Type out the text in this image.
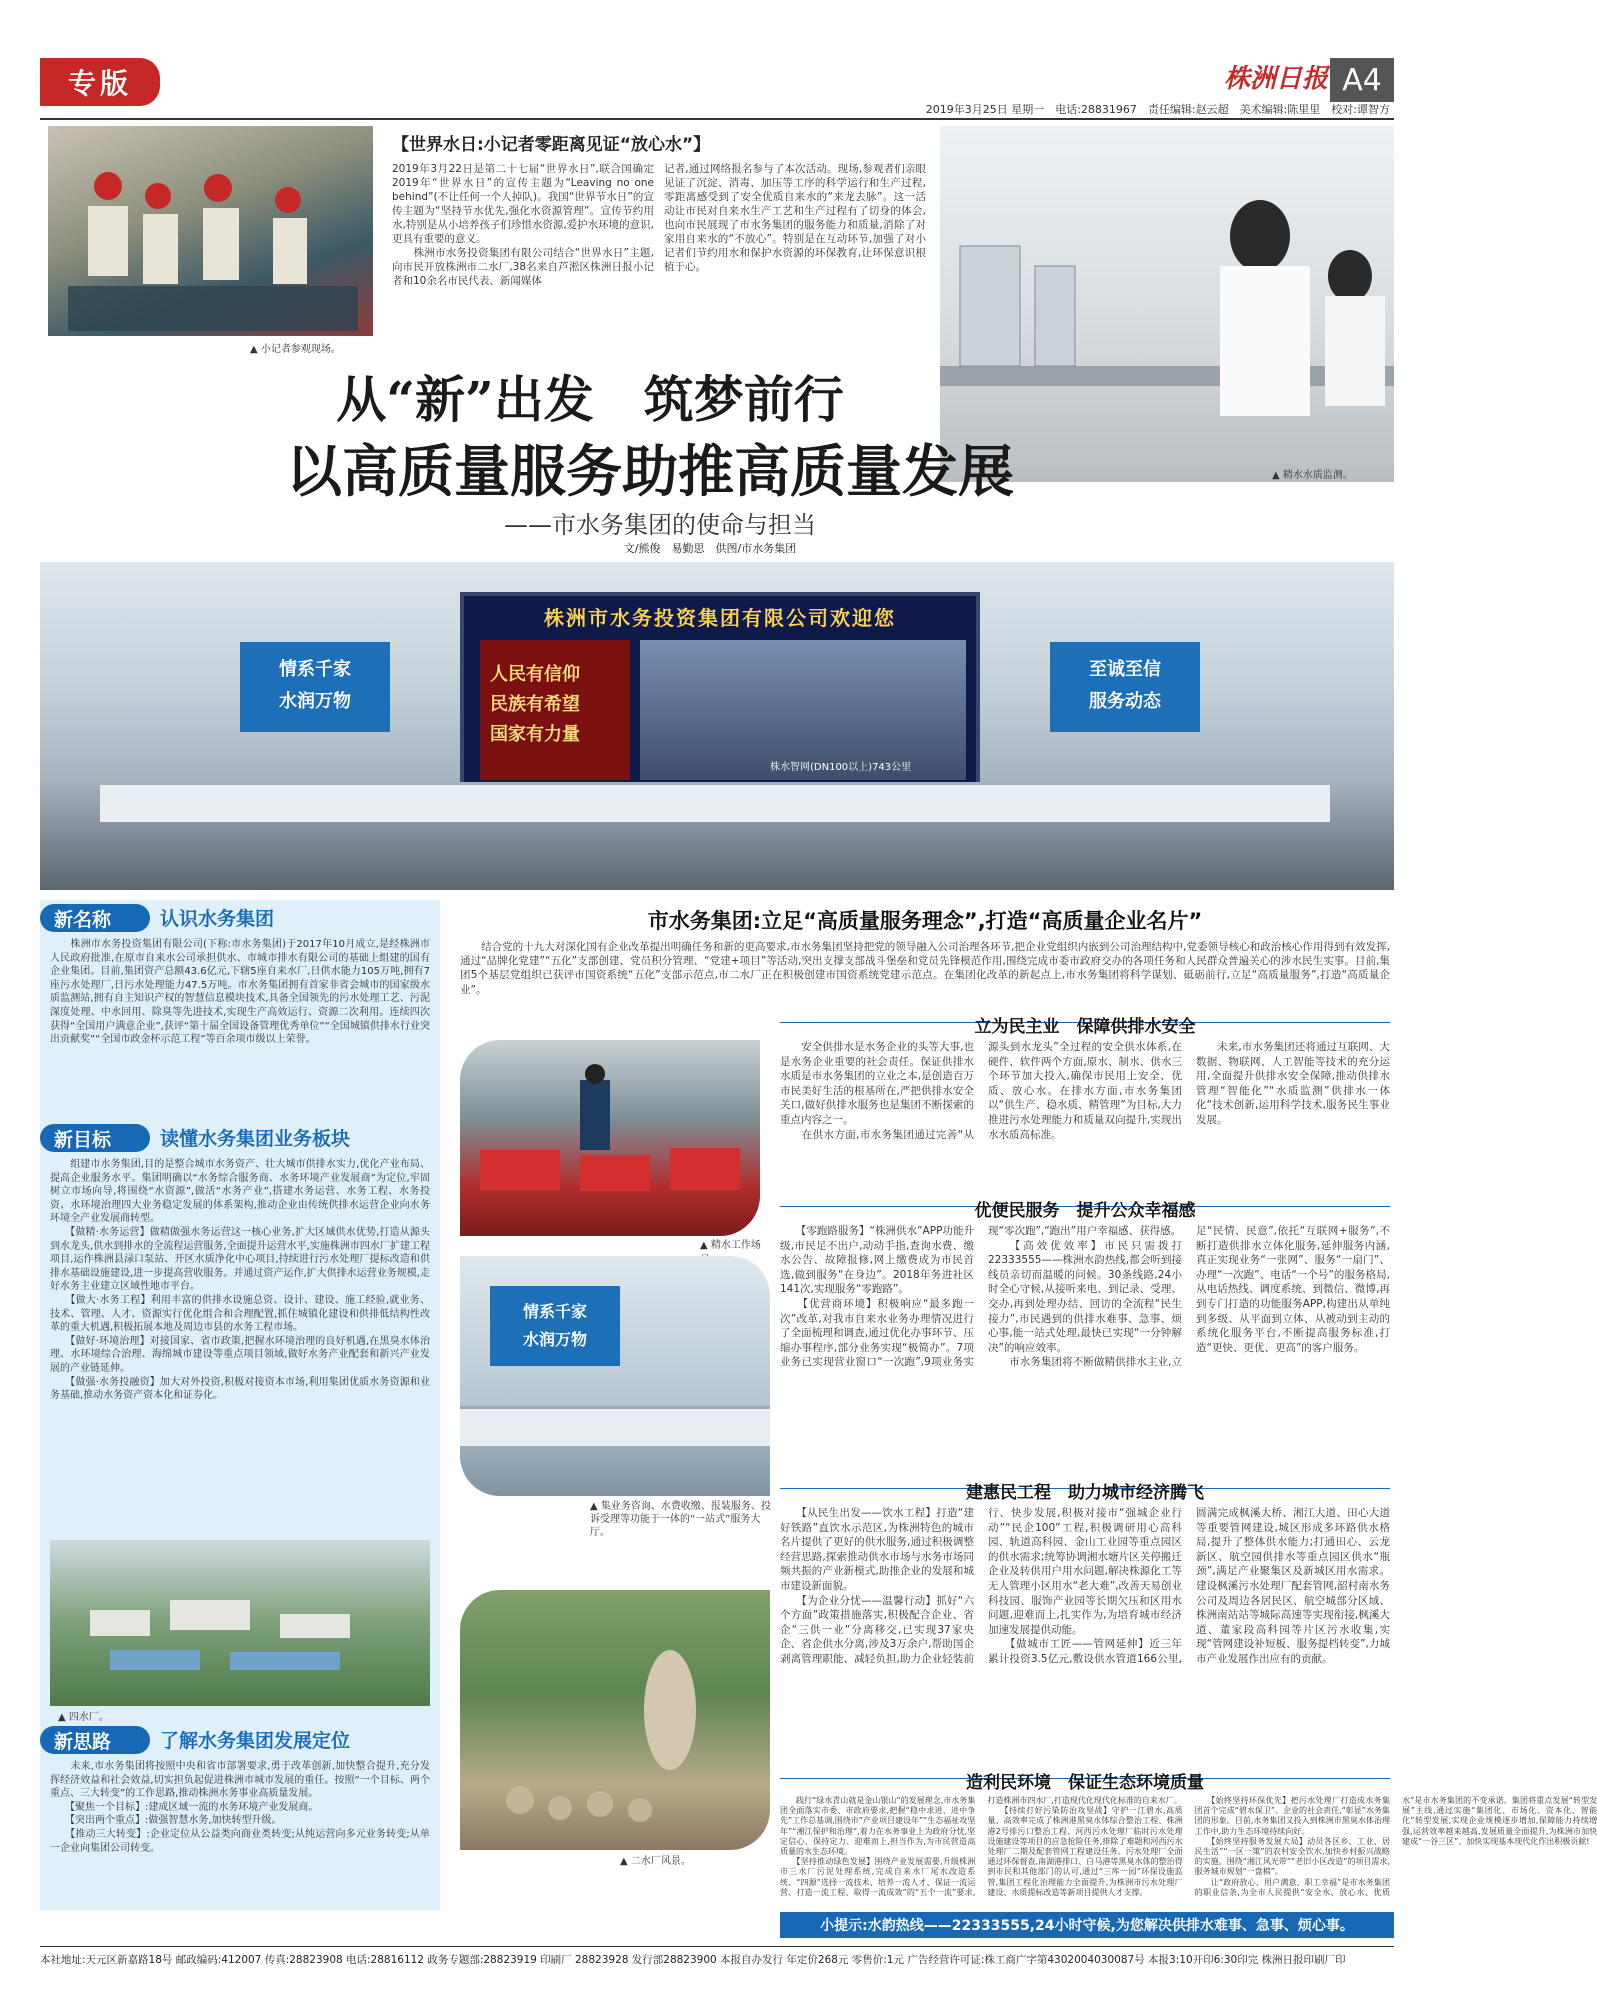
专版	株洲日报 A4
2019年3月25日 星期一　电话:28831967　责任编辑:赵云超　美术编辑:陈里里　校对:谭智方
▲ 小记者参观现场。
【世界水日:小记者零距离见证“放心水”】
2019年3月22日是第二十七届“世界水日”,联合国确定2019年“世界水日”的宣传主题为“Leaving no one behind”(不让任何一个人掉队)。我国“世界节水日”的宣传主题为“坚持节水优先,强化水资源管理”。宣传节约用水,特别是从小培养孩子们珍惜水资源,爱护水环境的意识,更具有重要的意义。
　　株洲市水务投资集团有限公司结合“世界水日”主题,向市民开放株洲市二水厂,38名来自芦淞区株洲日报小记者和10余名市民代表、新闻媒体
记者,通过网络报名参与了本次活动。现场,参观者们亲眼见证了沉淀、消毒、加压等工序的科学运行和生产过程,零距离感受到了安全优质自来水的“来龙去脉”。这一活动让市民对自来水生产工艺和生产过程有了切身的体会,也向市民展现了市水务集团的服务能力和质量,消除了对家用自来水的“不放心”。特别是在互动环节,加强了对小记者们节约用水和保护水资源的环保教育,让环保意识根植于心。
从“新”出发　筑梦前行
以高质量服务助推高质量发展	▲ 精水水质监测。
——市水务集团的使命与担当
文/熊俊　易勤思　供图/市水务集团
株洲市水务投资集团有限公司欢迎您
人民有信仰
民族有希望
国家有力量
株水智网(DN100以上)743公里
情系千家
水润万物
至诚至信
服务动态
新名称	认识水务集团
　　株洲市水务投资集团有限公司(下称:市水务集团)于2017年10月成立,是经株洲市人民政府批准,在原市自来水公司承担供水、市城市排水有限公司的基础上组建的国有企业集团。目前,集团资产总额43.6亿元,下辖5座自来水厂,日供水能力105万吨,拥有7座污水处理厂,日污水处理能力47.5万吨。市水务集团拥有首家非省会城市的国家级水质监测站,拥有自主知识产权的智慧信息模块技术,具备全国领先的污水处理工艺、污泥深度处理、中水回用、除臭等先进技术,实现生产高效运行、资源二次利用。连续四次获得“全国用户满意企业”,获评“第十届全国设备管理优秀单位”“全国城镇供排水行业突出贡献奖”“全国市政金杯示范工程”等百余项市级以上荣誉。
新目标	读懂水务集团业务板块
　　组建市水务集团,目的是整合城市水务资产、壮大城市供排水实力,优化产业布局、提高企业服务水平。集团明确以“水务综合服务商、水务环境产业发展商”为定位,牢固树立市场向导,将围绕“水资源”,做活“水务产业”,搭建水务运营、水务工程、水务投资、水环境治理四大业务稳定发展的体系架构,推动企业由传统供排水运营企业向水务环境全产业发展商转型。
　　【做精·水务运营】做精做强水务运营这一核心业务,扩大区域供水优势,打造从源头到水龙头,供水到排水的全流程运营服务,全面提升运营水平,实施株洲市四水厂扩建工程项目,运作株洲县渌口泵站、开区水质净化中心项目,持续进行污水处理厂提标改造和供排水基础设施建设,进一步提高营收服务。并通过资产运作,扩大供排水运营业务规模,走好水务主业建立区域性地市平台。
　　【做大·水务工程】利用丰富的供排水设施总资、设计、建设、施工经验,就业务、技术、管理、人才、资源实行优化组合和合理配置,抓住城镇化建设和供排低结构性改革的重大机遇,积极拓展本地及周边市县的水务工程市场。
　　【做好·环境治理】对接国家、省市政策,把握水环境治理的良好机遇,在黑臭水体治理、水环境综合治理、海绵城市建设等重点项目领域,做好水务产业配套和新兴产业发展的产业链延伸。
　　【做强·水务投融资】加大对外投资,积极对接资本市场,利用集团优质水务资源和业务基础,推动水务资产资本化和证券化。
▲ 四水厂。
新思路	了解水务集团发展定位
　　未来,市水务集团将按照中央和省市部署要求,勇于改革创新,加快整合提升,充分发挥经济效益和社会效益,切实担负起促进株洲市城市发展的重任。按照“一个目标、两个重点、三大转变”的工作思路,推动株洲水务事业高质量发展。
　　【聚焦一个目标】:建成区域一流的水务环境产业发展商。
　　【突出两个重点】:做强智慧水务,加快转型升级。
　　【推动三大转变】:企业定位从公益类向商业类转变;从纯运营向多元业务转变;从单一企业向集团公司转变。
市水务集团:立足“高质量服务理念”,打造“高质量企业名片”
　　结合党的十九大对深化国有企业改革提出明确任务和新的更高要求,市水务集团坚持把党的领导融入公司治理各环节,把企业党组织内嵌到公司治理结构中,党委领导核心和政治核心作用得到有效发挥,通过“品牌化党建”“五化”支部创建、党员积分管理、“党建+项目”等活动,突出支撑支部战斗堡垒和党员先锋模范作用,围绕完成市委市政府交办的各项任务和人民群众普遍关心的涉水民生实事。目前,集团5个基层党组织已获评市国资系统“五化”支部示范点,市二水厂正在积极创建市国资系统党建示范点。在集团化改革的新起点上,市水务集团将科学谋划、砥砺前行,立足“高质量服务”,打造“高质量企业”。
▲ 精水工作场
立为民主业　保障供排水安全
　　安全供排水是水务企业的头等大事,也是水务企业重要的社会责任。保证供排水水质是市水务集团的立业之本,是创造百万市民美好生活的根基所在,严把供排水安全关口,做好供排水服务也是集团不断探索的重点内容之一。
　　在供水方面,市水务集团通过完善“从源头到水龙头”全过程的安全供水体系,在硬件、软件两个方面,原水、制水、供水三个环节加大投入,确保市民用上安全、优质、放心水。在排水方面,市水务集团以“供生产、稳水质、精管理”为目标,大力推进污水处理能力和质量双向提升,实现出水水质高标准。
　　未来,市水务集团还将通过互联网、大数据、物联网、人工智能等技术的充分运用,全面提升供排水安全保障,推动供排水管理“智能化”“水质监测”供排水一体化“技术创新,运用科学技术,服务民生事业发展。
优便民服务　提升公众幸福感
　　【零跑路服务】“株洲供水”APP功能升级,市民足不出户,动动手指,查询水费、缴水公告、故障报修,网上缴费成为市民首选,做到服务“在身边”。2018年务进社区141次,实现服务“零跑路”。
　　【优营商环境】积极响应“最多跑一次”改革,对我市自来水业务办理情况进行了全面梳理和调查,通过优化办事环节、压缩办事程序,部分业务实现“极简办”。7项业务已实现营业窗口“一次跑”,9项业务实现“零次跑”,“跑出”用户幸福感、获得感。
　　【高效优效率】市民只需拨打22333555——株洲水韵热线,都会听到接线员亲切而温暖的问候。30条线路,24小时全心守候,从接听来电、到记录、受理、交办,再到处理办结、回访的全流程“民生接力”,市民遇到的供排水难事、急事、烦心事,能一站式处理,最快已实现“一分钟解决”的响应效率。
　　市水务集团将不断做精供排水主业,立足“民情、民意”,依托“互联网+服务”,不断打造供排水立体化服务,延伸服务内涵,真正实现业务“一张网”、服务“一扇门”、办理“一次跑”、电话“一个号”的服务格局,从电话热线、调度系统、到微信、微博,再到专门打造的功能服务APP,构建出从单纯到多级、从平面到立体、从被动到主动的系统化服务平台,不断提高服务标准,打造“更快、更优、更高”的客户服务。
情系千家
水润万物
▲ 集业务咨询、水费收缴、报装服务、投诉受理等功能于一体的“一站式”服务大厅。
建惠民工程　助力城市经济腾飞
　　【从民生出发——饮水工程】打造“建好铁路”直饮水示范区,为株洲特色的城市名片提供了更好的供水服务,通过积极调整经营思路,探索推动供水市场与水务市场同频共振的产业新模式,助推企业的发展和城市建设新面貌。
　　【为企业分忧——温馨行动】抓好“六个方面”政策措施落实,积极配合企业、省企“三供一业”分离移交,已实现37家央企、省企供水分离,涉及3万余户,帮助国企剥离管理职能、减轻负担,助力企业轻装前行、快步发展,积极对接市“强城企业行动”“民企100”工程,积极调研用心高科园、轨道高科园、金山工业园等重点园区的供水需求;统筹协调湘水塘片区关停搬迁企业及转供用户用水问题,解决株源化工等无人管理小区用水“老大难”,改善天易创业科技园、服饰产业园等长期欠压和区用水问题,迎难而上,扎实作为,为培育城市经济加速发展提供动能。
　　【做城市工匠——管网延伸】近三年累计投资3.5亿元,敷设供水管道166公里,圆满完成枫溪大桥、湘江大道、田心大道等重要管网建设,城区形成多环路供水格局,提升了整体供水能力;打通田心、云龙新区、航空园供排水等重点园区供水“瓶颈”,满足产业聚集区及新城区用水需求。建设枫溪污水处理厂配套管网,韶村南水务公司及周边各居民区、航空城部分区域、株洲南站站等城际高速等实现衔接,枫溪大道、董家段高科园等片区污水收集,实现“管网建设补短板、服务提档转变”,力城市产业发展作出应有的贡献。
▲ 二水厂风景。
造利民环境　保证生态环境质量
　　践行“绿水青山就是金山银山”的发展理念,市水务集团全面落实市委、市政府要求,把握“稳中求进、进中争先”工作总基调,围绕市“产业项目建设年”“生态福祉攻坚年”“湘江保护和治理”,着力在水务事业上为政府分忧,坚定信心、保持定力、迎难而上,担当作为,为市民营造高质量的水生态环境。
　　【坚持推动绿色发展】围绕产业发展需要,升级株洲市三水厂污泥处理系统,完成自来水厂尾水改造系统、“四源”选择一流技术、培养一流人才、保证一流运营、打造一流工程、取得一流成效”的“五个一流”要求,打造株洲市四水厂,打造现代化现代化标准的自来水厂。
　　【持续打好污染防治攻坚战】守护一江碧水,高质量、高效率完成了株洲港黑臭水体综合整治工程、株洲港2号排污口整治工程、河西污水处理厂临时污水处理设施建设等项目的应急抢险任务,排除了难题和河西污水处理厂二期及配套管网工程建设任务。污水处理厂全面通过环保督查,南湖港排口、白马港等黑臭水体的整治得到市民和其他部门的认可,通过“三库一园”环保设施监管,集团工程化治理能力全面提升,为株洲市污水处理厂建设、水质提标改造等新项目提供人才支撑。
　　【始终坚持环保优先】把污水处理厂打造成水务集团首个完成“碧水保卫”。企业的社会责任,“彰显”水务集团的形象。目前,水务集团又投入到株洲市黑臭水体治理工作中,助力生态环境持续向好。
　　【始终坚持服务发展大局】动员各区乡、工业、居民生活”“一区一策”的农村安全饮水,加快乡村振兴战略的实施。围绕“湘江风光带”“老旧小区改造”的项目需求,服务城市规划“一盘棋”。
　　让“政府放心、用户满意、职工幸福”是市水务集团的职业信条,为全市人民提供“安全水、放心水、优质水”是市水务集团的不变承诺。集团将重点发展“转型发展”主线,通过实施“集团化、市场化、资本化、智能化”转型发展,实现企业规模逐步增加,保障能力持续增强,运营效率越来越高,发展质量全面提升,为株洲市加快建成“一谷三区”、加快实现基本现代化作出积极贡献!
小提示:水韵热线——22333555,24小时守候,为您解决供排水难事、急事、烦心事。
本社地址:天元区新嘉路18号 邮政编码:412007 传真:28823908 电话:28816112 政务专题部:28823919 印刷厂 28823928 发行部28823900 本报自办发行 年定价268元 零售价:1元 广告经营许可证:株工商广字第4302004030087号 本报3:10开印6:30印完 株洲日报印刷厂印
